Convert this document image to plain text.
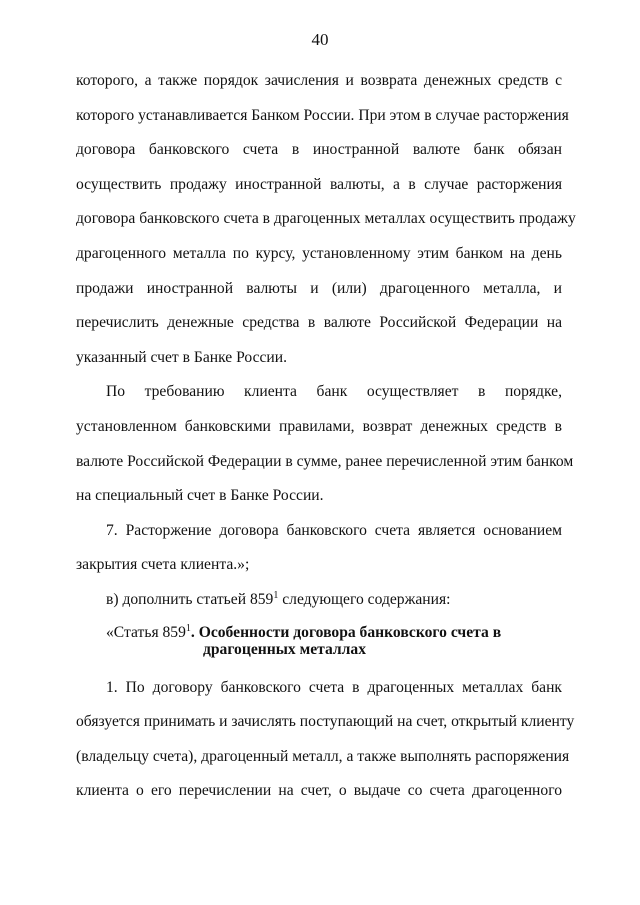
40
которого, а также порядок зачисления и возврата денежных средств с
которого устанавливается Банком России. При этом в случае расторжения
договора банковского счета в иностранной валюте банк обязан
осуществить продажу иностранной валюты, а в случае расторжения
договора банковского счета в драгоценных металлах осуществить продажу
драгоценного металла по курсу, установленному этим банком на день
продажи иностранной валюты и (или) драгоценного металла, и
перечислить денежные средства в валюте Российской Федерации на
указанный счет в Банке России.
По требованию клиента банк осуществляет в порядке,
установленном банковскими правилами, возврат денежных средств в
валюте Российской Федерации в сумме, ранее перечисленной этим банком
на специальный счет в Банке России.
7. Расторжение договора банковского счета является основанием
закрытия счета клиента.»;
в) дополнить статьей $859^1$ следующего содержания:
«Статья $859^1$. Особенности договора банковского счета в
драгоценных металлах
1. По договору банковского счета в драгоценных металлах банк
обязуется принимать и зачислять поступающий на счет, открытый клиенту
(владельцу счета), драгоценный металл, а также выполнять распоряжения
клиента о его перечислении на счет, о выдаче со счета драгоценного
